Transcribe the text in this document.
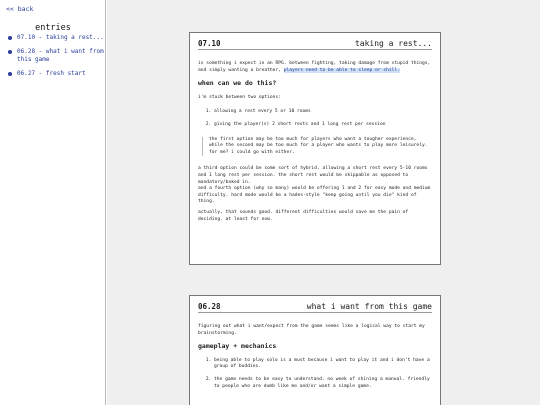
<< back
entries
07.10 - taking a rest...
06.28 - what i want from this game
06.27 - fresh start
07.10	taking a rest...

is something i expect in an RPG. between fighting, taking damage from stupid things, and simply wanting a breather, players need to be able to sleep or chill.

when can we do this?

i'm stuck between two options:

1. allowing a rest every 5 or 10 rooms
2. giving the player(s) 2 short rests and 1 long rest per session
the first option may be too much for players who want a tougher experience, while the second may be too much for a player who wants to play more leisurely. for me? i could go with either.

a third option could be some sort of hybrid. allowing a short rest every 5-10 rooms and 1 long rest per session. the short rest would be skippable as opposed to mandatory/baked in.

and a fourth option (why so many) would be offering 1 and 2 for easy mode and medium difficulty. hard mode would be a hades-style "keep going until you die" kind of thing.

actually, that sounds good. different difficulties would save me the pain of deciding. at least for now.

06.28	what i want from this game

figuring out what i want/expect from the game seems like a logical way to start my brainstorming.

gameplay + mechanics
1. being able to play solo is a must because i want to play it and i don't have a group of buddies.
2. the game needs to be easy to understand. no week of shining a manual. friendly to people who are dumb like me and/or want a simple game.
